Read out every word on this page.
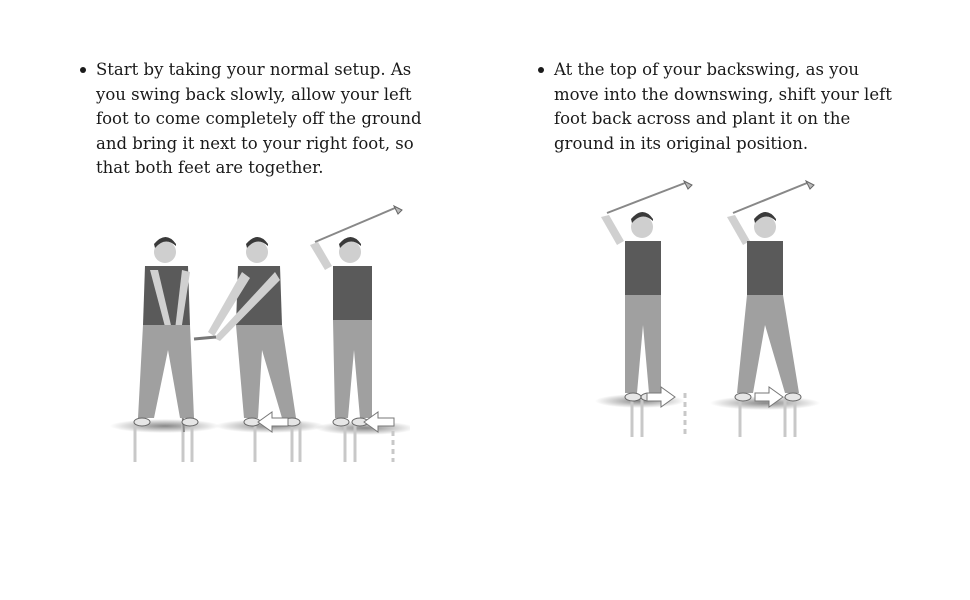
Start by taking your normal setup. As you swing back slowly, allow your left foot to come completely off the ground and bring it next to your right foot, so that both feet are together.
At the top of your backswing, as you move into the downswing, shift your left foot back across and plant it on the ground in its original position.
